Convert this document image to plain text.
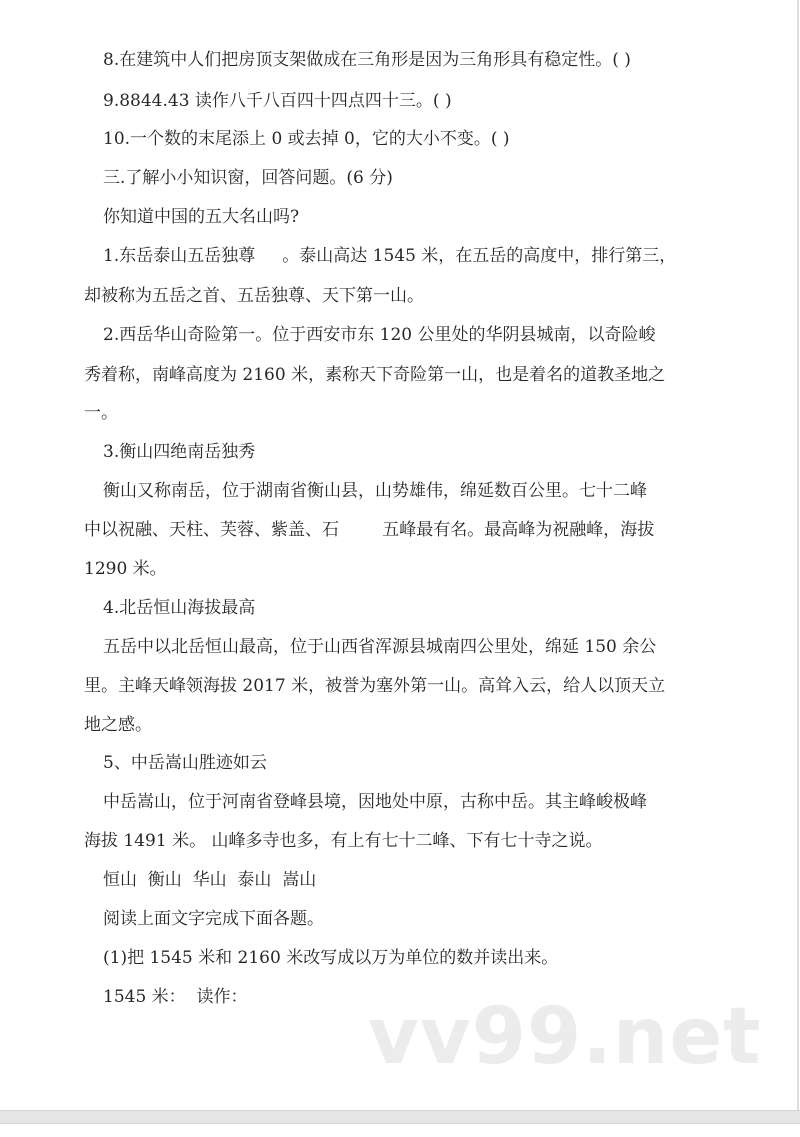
8.在建筑中人们把房顶支架做成在三角形是因为三角形具有稳定性。( )
9.8844.43 读作八千八百四十四点四十三。( )
10.一个数的末尾添上 0 或去掉 0，它的大小不变。( )
三.了解小小知识窗，回答问题。(6 分)
你知道中国的五大名山吗?
1.东岳泰山五岳独尊     。泰山高达 1545 米，在五岳的高度中，排行第三，
却被称为五岳之首、五岳独尊、天下第一山。
2.西岳华山奇险第一。位于西安市东 120 公里处的华阴县城南，以奇险峻
秀着称，南峰高度为 2160 米，素称天下奇险第一山，也是着名的道教圣地之
一。
3.衡山四绝南岳独秀
衡山又称南岳，位于湖南省衡山县，山势雄伟，绵延数百公里。七十二峰
中以祝融、天柱、芙蓉、紫盖、石        五峰最有名。最高峰为祝融峰，海拔
1290 米。
4.北岳恒山海拔最高
五岳中以北岳恒山最高，位于山西省浑源县城南四公里处，绵延 150 余公
里。主峰天峰领海拔 2017 米，被誉为塞外第一山。高耸入云，给人以顶天立
地之感。
5、中岳嵩山胜迹如云
中岳嵩山，位于河南省登峰县境，因地处中原，古称中岳。其主峰峻极峰
海拔 1491 米。 山峰多寺也多，有上有七十二峰、下有七十寺之说。
恒山  衡山  华山  泰山  嵩山
阅读上面文字完成下面各题。
(1)把 1545 米和 2160 米改写成以万为单位的数并读出来。
1545 米：  读作： vv99.net
